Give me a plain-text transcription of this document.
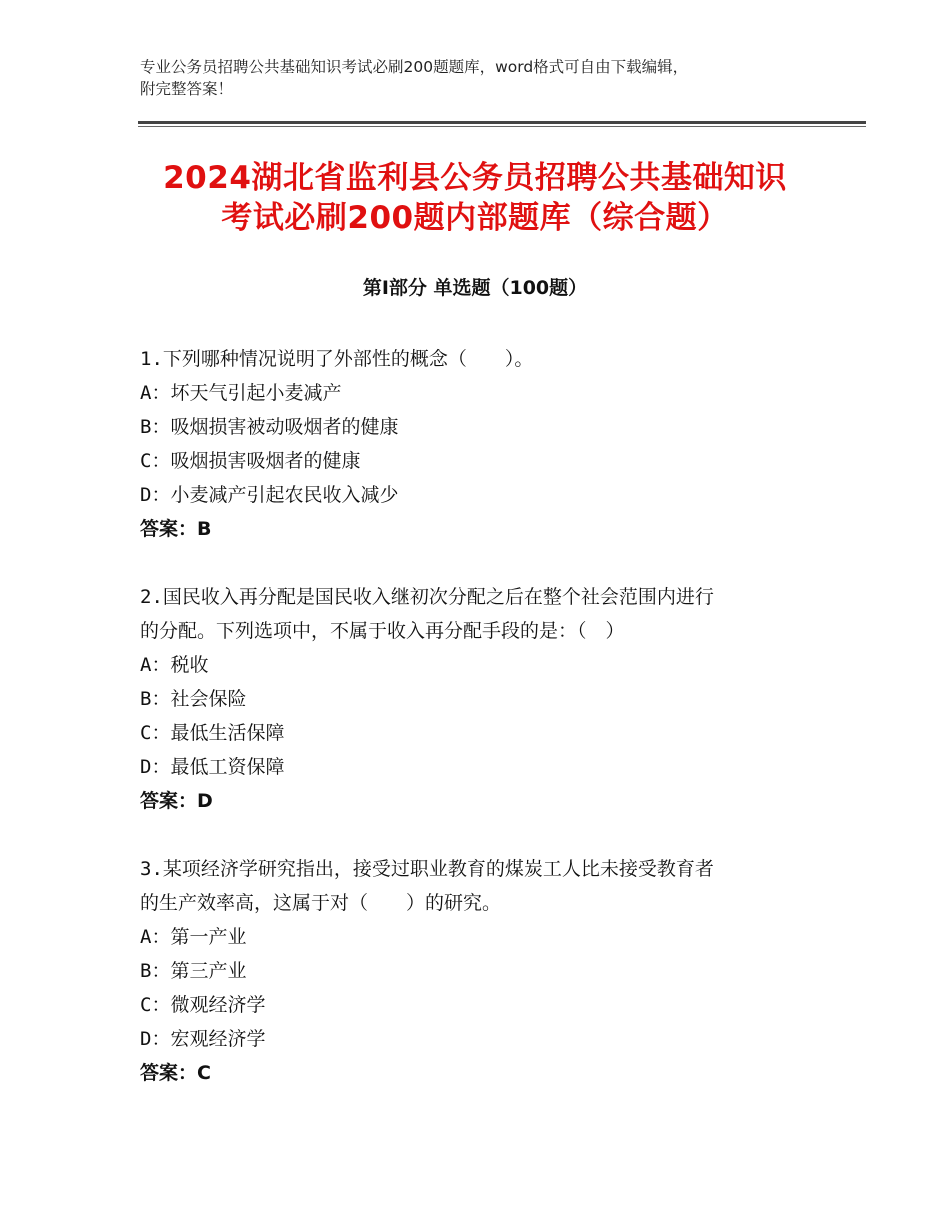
专业公务员招聘公共基础知识考试必刷200题题库，word格式可自由下载编辑，
附完整答案！
2024湖北省监利县公务员招聘公共基础知识
考试必刷200题内部题库（综合题）
第Ⅰ部分 单选题（100题）

1.下列哪种情况说明了外部性的概念（　　）。

A：坏天气引起小麦减产

B：吸烟损害被动吸烟者的健康

C：吸烟损害吸烟者的健康

D：小麦减产引起农民收入减少

答案：B

2.国民收入再分配是国民收入继初次分配之后在整个社会范围内进行

的分配。下列选项中，不属于收入再分配手段的是：（　）

A：税收

B：社会保险

C：最低生活保障

D：最低工资保障

答案：D

3.某项经济学研究指出，接受过职业教育的煤炭工人比未接受教育者

的生产效率高，这属于对（　　）的研究。

A：第一产业

B：第三产业

C：微观经济学

D：宏观经济学

答案：C
